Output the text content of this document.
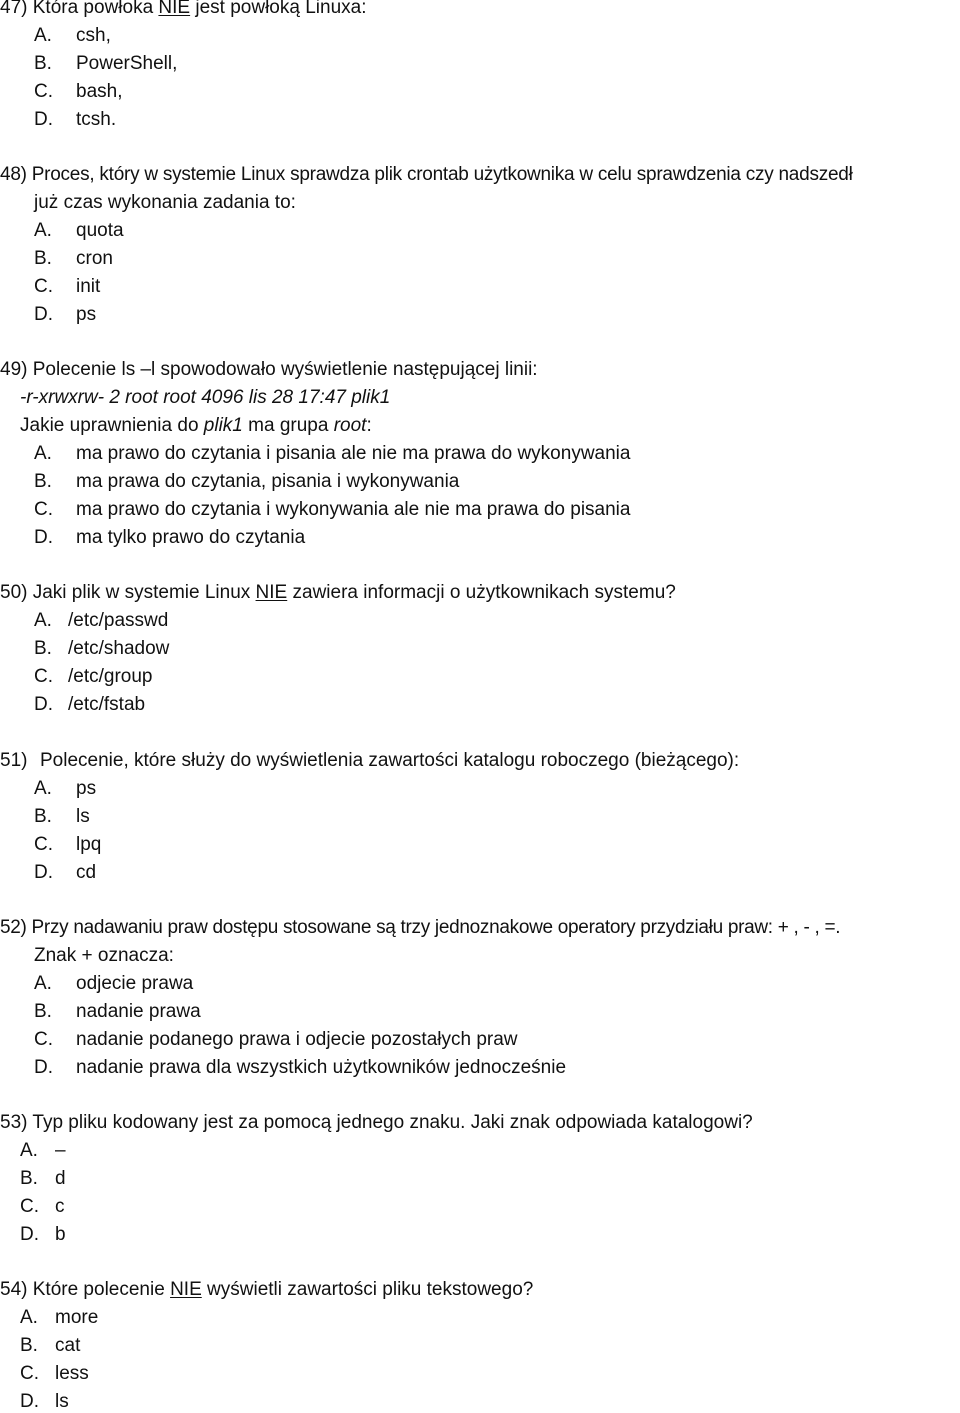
47) Która powłoka NIE jest powłoką Linuxa:
A. csh,
B. PowerShell,
C. bash,
D. tcsh.
48) Proces, który w systemie Linux sprawdza plik crontab użytkownika w celu sprawdzenia czy nadszedł
już czas wykonania zadania to:
A. quota
B. cron
C. init
D. ps
49) Polecenie ls –l spowodowało wyświetlenie następującej linii:
-r-xrwxrw- 2 root root 4096 lis 28 17:47 plik1
Jakie uprawnienia do plik1 ma grupa root:
A. ma prawo do czytania i pisania ale nie ma prawa do wykonywania
B. ma prawa do czytania, pisania i wykonywania
C. ma prawo do czytania i wykonywania ale nie ma prawa do pisania
D. ma tylko prawo do czytania
50) Jaki plik w systemie Linux NIE zawiera informacji o użytkownikach systemu?
A. /etc/passwd
B. /etc/shadow
C. /etc/group
D. /etc/fstab
51) Polecenie, które służy do wyświetlenia zawartości katalogu roboczego (bieżącego):
A. ps
B. ls
C. lpq
D. cd
52) Przy nadawaniu praw dostępu stosowane są trzy jednoznakowe operatory przydziału praw: + , - , =.
Znak + oznacza:
A. odjecie prawa
B. nadanie prawa
C. nadanie podanego prawa i odjecie pozostałych praw
D. nadanie prawa dla wszystkich użytkowników jednocześnie
53) Typ pliku kodowany jest za pomocą jednego znaku. Jaki znak odpowiada katalogowi?
A. –
B. d
C. c
D. b
54) Które polecenie NIE wyświetli zawartości pliku tekstowego?
A. more
B. cat
C. less
D. ls
